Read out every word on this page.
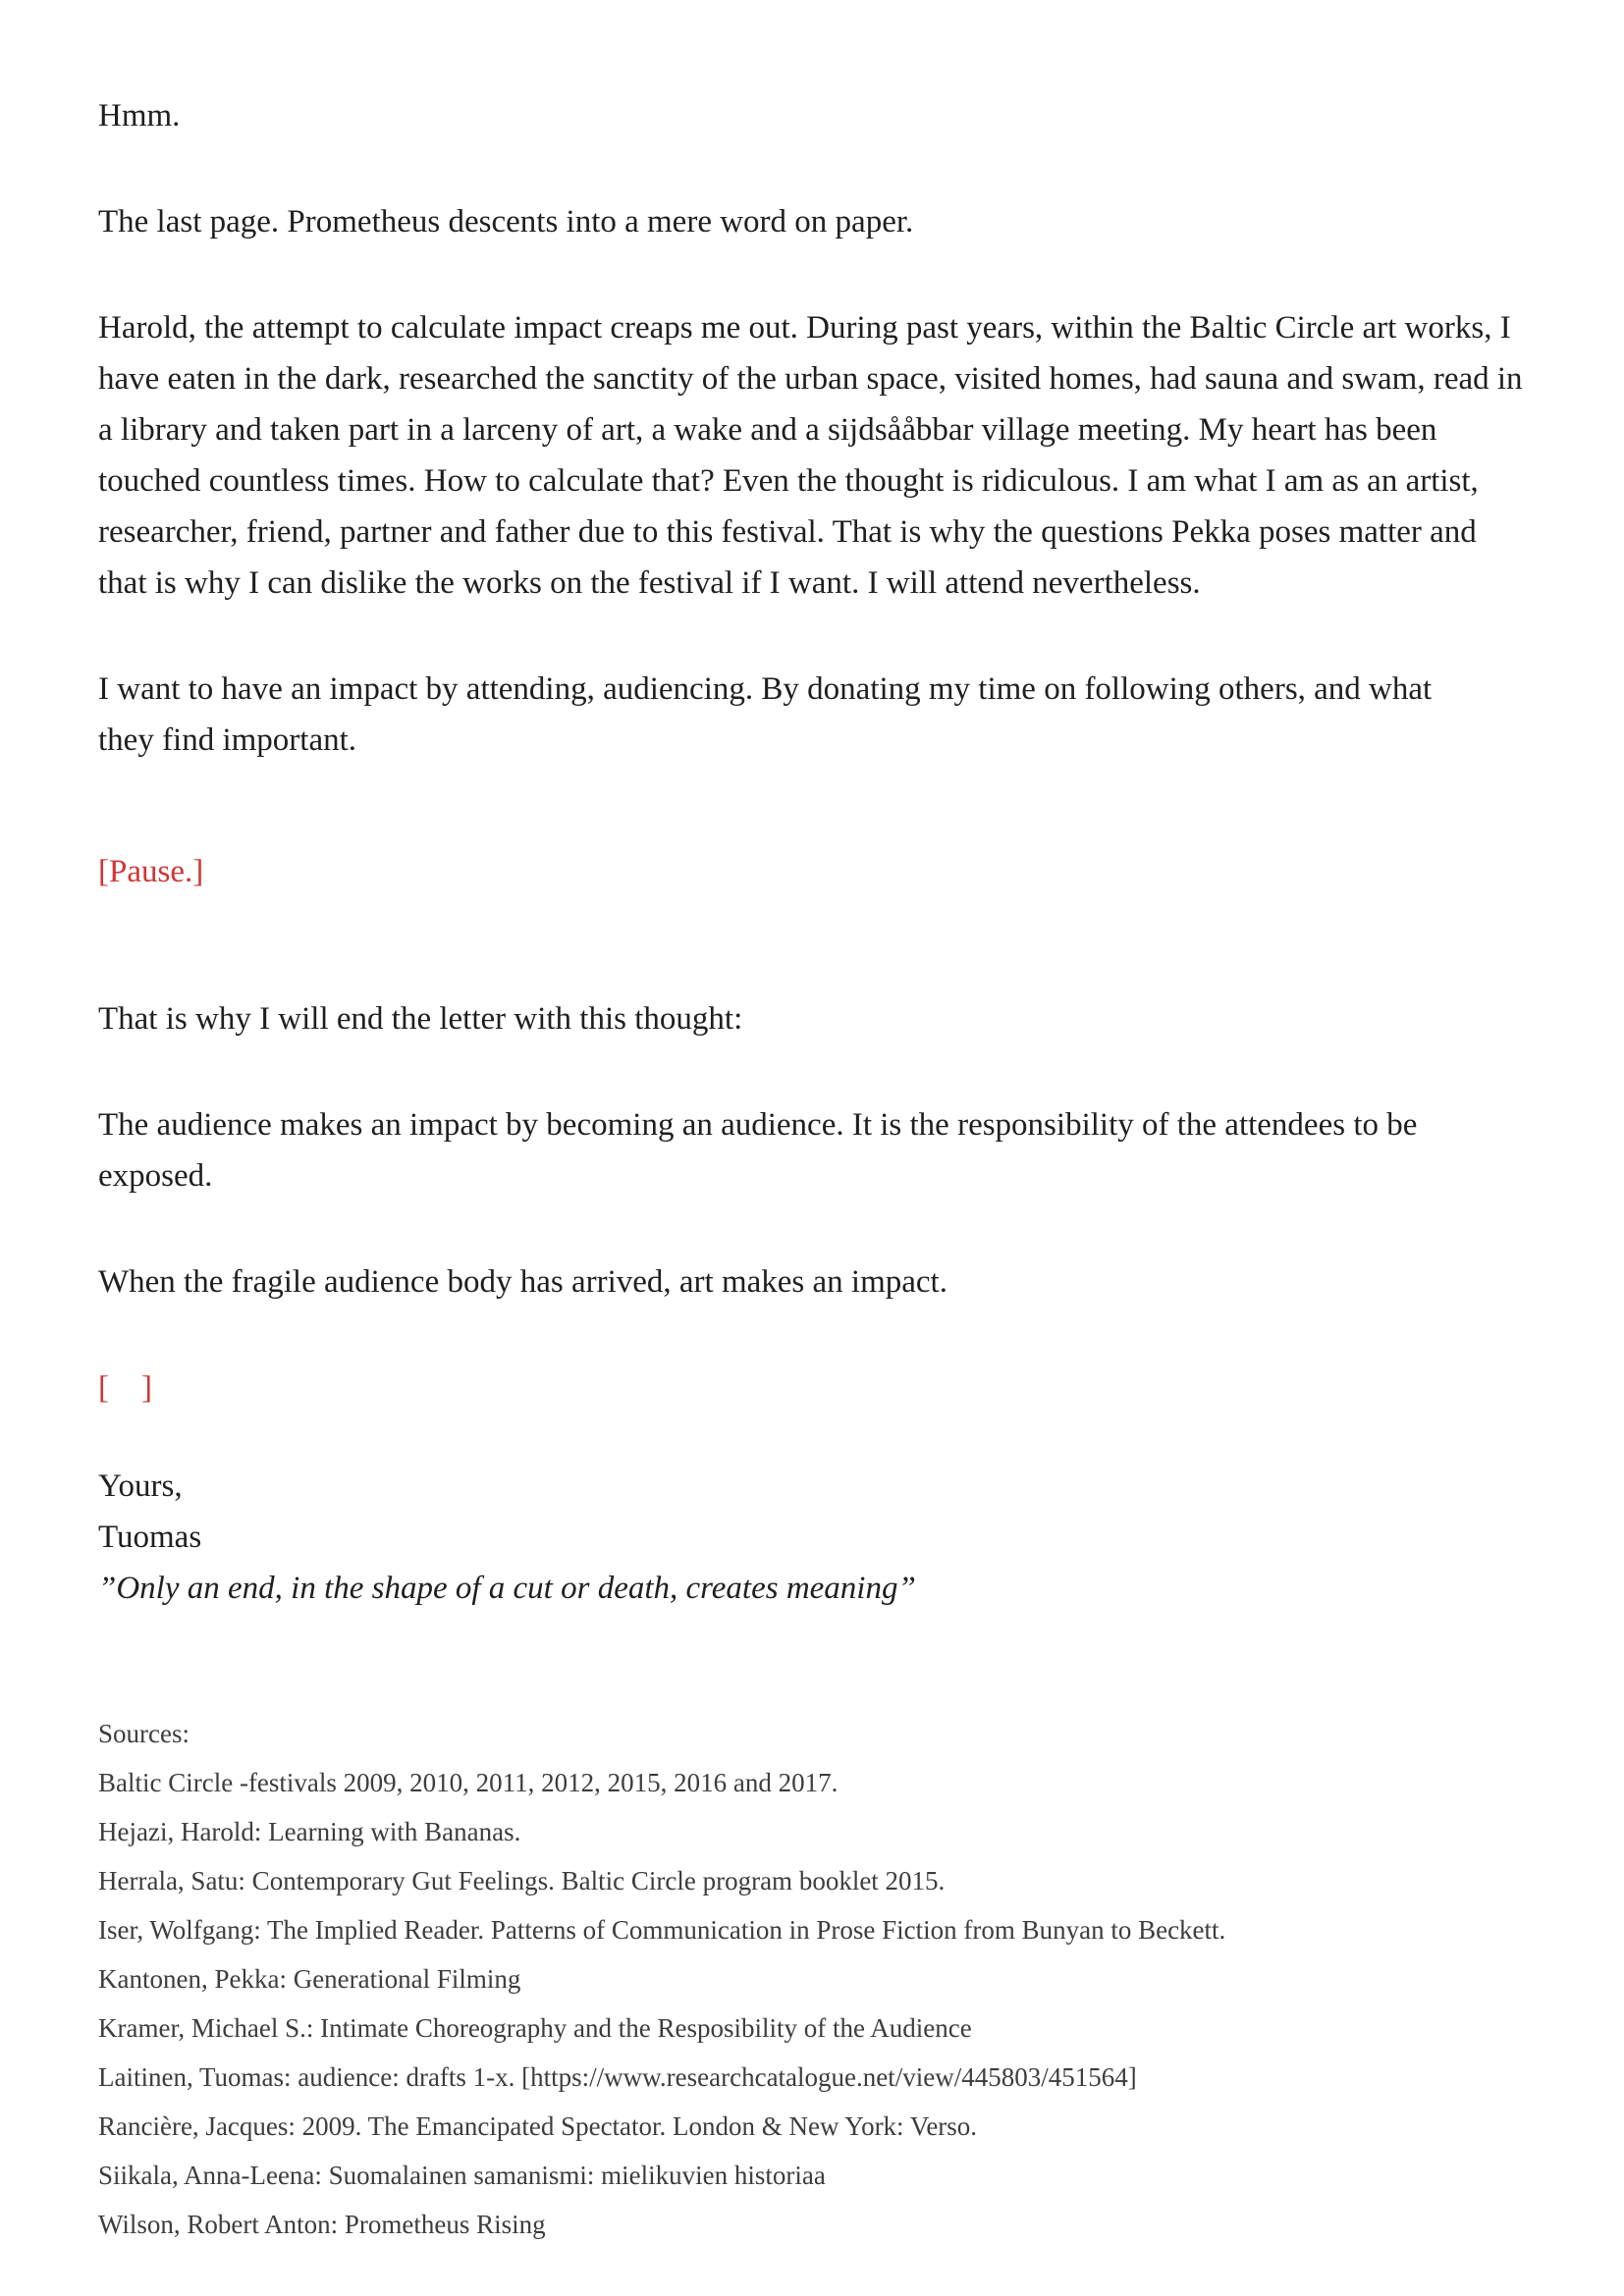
Hmm.

The last page. Prometheus descents into a mere word on paper.

Harold, the attempt to calculate impact creaps me out. During past years, within the Baltic Circle art works, I have eaten in the dark, researched the sanctity of the urban space, visited homes, had sauna and swam, read in a library and taken part in a larceny of art, a wake and a sijdsååbbar village meeting. My heart has been touched countless times. How to calculate that? Even the thought is ridiculous. I am what I am as an artist, researcher, friend, partner and father due to this festival. That is why the questions Pekka poses matter and that is why I can dislike the works on the festival if I want. I will attend nevertheless.

I want to have an impact by attending, audiencing. By donating my time on following others, and what they find important.

[Pause.]

That is why I will end the letter with this thought:

The audience makes an impact by becoming an audience. It is the responsibility of the attendees to be exposed.

When the fragile audience body has arrived, art makes an impact.

[    ]

Yours,

Tuomas

”Only an end, in the shape of a cut or death, creates meaning”

Sources:

Baltic Circle -festivals 2009, 2010, 2011, 2012, 2015, 2016 and 2017.

Hejazi, Harold: Learning with Bananas.

Herrala, Satu: Contemporary Gut Feelings. Baltic Circle program booklet 2015.

Iser, Wolfgang: The Implied Reader. Patterns of Communication in Prose Fiction from Bunyan to Beckett.

Kantonen, Pekka: Generational Filming

Kramer, Michael S.: Intimate Choreography and the Resposibility of the Audience

Laitinen, Tuomas: audience: drafts 1-x. [https://www.researchcatalogue.net/view/445803/451564]

Rancière, Jacques: 2009. The Emancipated Spectator. London & New York: Verso.

Siikala, Anna-Leena: Suomalainen samanismi: mielikuvien historiaa

Wilson, Robert Anton: Prometheus Rising
